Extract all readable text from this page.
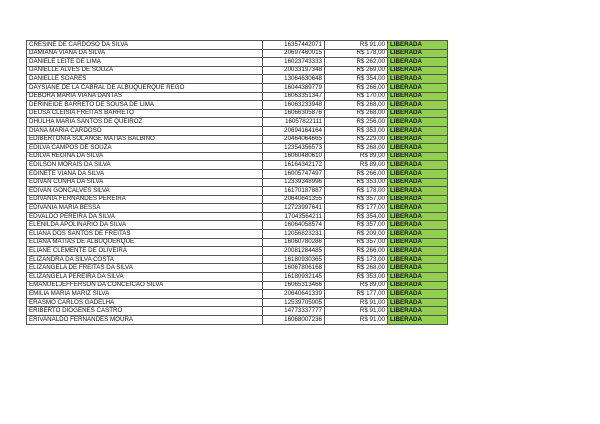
CRESINE DE CARDOSO DA SILVA	16357442071	R$ 91,00	LIBERADA
DAMIANA VIANA DA SILVA	20697460015	R$ 178,00	LIBERADA
DANIELE LEITE DE LIMA	16023743333	R$ 262,00	LIBERADA
DANIELLE ALVES DE SOUZA	20033197348	R$ 269,00	LIBERADA
DANIELLE SOARES	13064630648	R$ 354,00	LIBERADA
DAYSIANE DE LA CABRAL DE ALBUQUERQUE REGO	16044389779	R$ 266,00	LIBERADA
DEBORA MARIA VIANA DANTAS	16063351347	R$ 170,00	LIBERADA
DERINEIDE BARRETO DE SOUSA DE LIMA	16063233948	R$ 268,00	LIBERADA
DEUSA CLEISIA FREITAS BARRETO	16066305876	R$ 268,00	LIBERADA
DHULHA MARIA SANTOS DE QUEIROZ	16057822111	R$ 256,00	LIBERADA
DIANA MARIA CARDOSO	20694164164	R$ 353,00	LIBERADA
EDIBERTONIA SOLANGE MATIAS BALBINO	20464064665	R$ 229,00	LIBERADA
EDILVA CAMPOS DE SOUZA	12354356573	R$ 268,00	LIBERADA
EDILVA REGINA DA SILVA	16060480610	R$ 89,00	LIBERADA
EDILSON MORAIS DA SILVA	16164342172	R$ 89,00	LIBERADA
EDINETE VIANA DA SILVA	16005747497	R$ 266,00	LIBERADA
EDIVAN CUNHA DA SILVA	12339348996	R$ 353,00	LIBERADA
EDIVAN GONCALVES SILVA	16170187887	R$ 178,00	LIBERADA
EDIVANIA FERNANDES PEREIRA	20640641355	R$ 357,00	LIBERADA
EDIVANIA MARIA BESSA	12723997641	R$ 177,00	LIBERADA
EDVALDO PEREIRA DA SILVA	17043564211	R$ 354,00	LIBERADA
ELENILDA APOLINARIO DA SILVA	16064058574	R$ 357,00	LIBERADA
ELIANA DOS SANTOS DE FREITAS	12056823231	R$ 209,00	LIBERADA
ELIANA MATIAS DE ALBUQUERQUE	16060780286	R$ 357,00	LIBERADA
ELIANE CLEMENTE DE OLIVEIRA	20081284485	R$ 266,00	LIBERADA
ELIZANDRA DA SILVA COSTA	16180930365	R$ 173,00	LIBERADA
ELIZANGELA DE FREITAS DA SILVA	16067806168	R$ 268,00	LIBERADA
ELIZANGELA PEREIRA DA SILVA	16180932145	R$ 353,00	LIBERADA
EMANUELJEFFERSON DA CONCEICAO SILVA	16065313466	R$ 89,00	LIBERADA
EMILIA MARIA MARIZ SILVA	20640641339	R$ 177,00	LIBERADA
ERASMO CARLOS GADELHA	12539705005	R$ 91,00	LIBERADA
ERIBERTO DIOGENES CASTRO	14773337777	R$ 91,00	LIBERADA
ERIVANALDO FERNANDES MOURA	16068007236	R$ 91,00	LIBERADA
